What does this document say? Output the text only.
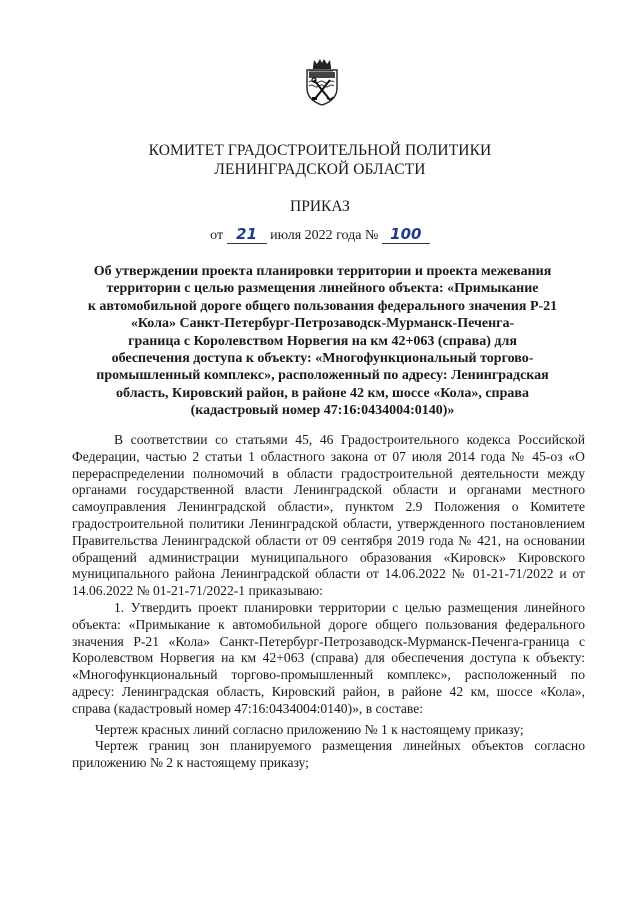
КОМИТЕТ ГРАДОСТРОИТЕЛЬНОЙ ПОЛИТИКИ
ЛЕНИНГРАДСКОЙ ОБЛАСТИ
ПРИКАЗ
от 21 июля 2022 года № 100
Об утверждении проекта планировки территории и проекта межевания
территории с целью размещения линейного объекта: «Примыкание
к автомобильной дороге общего пользования федерального значения Р-21
«Кола» Санкт-Петербург-Петрозаводск-Мурманск-Печенга-
граница с Королевством Норвегия на км 42+063 (справа) для
обеспечения доступа к объекту: «Многофункциональный торгово-
промышленный комплекс», расположенный по адресу: Ленинградская
область, Кировский район, в районе 42 км, шоссе «Кола», справа
(кадастровый номер 47:16:0434004:0140)»

В соответствии со статьями 45, 46 Градостроительного кодекса Российской Федерации, частью 2 статьи 1 областного закона от 07 июля 2014 года № 45-оз «О перераспределении полномочий в области градостроительной деятельности между органами государственной власти Ленинградской области и органами местного самоуправления Ленинградской области», пунктом 2.9 Положения о Комитете градостроительной политики Ленинградской области, утвержденного постановлением Правительства Ленинградской области от 09 сентября 2019 года № 421, на основании обращений администрации муниципального образования «Кировск» Кировского муниципального района Ленинградской области от 14.06.2022 № 01-21-71/2022 и от 14.06.2022 № 01-21-71/2022-1 приказываю:

1. Утвердить проект планировки территории с целью размещения линейного объекта: «Примыкание к автомобильной дороге общего пользования федерального значения Р-21 «Кола» Санкт-Петербург-Петрозаводск-Мурманск-Печенга-граница с Королевством Норвегия на км 42+063 (справа) для обеспечения доступа к объекту: «Многофункциональный торгово-промышленный комплекс», расположенный по адресу: Ленинградская область, Кировский район, в районе 42 км, шоссе «Кола», справа (кадастровый номер 47:16:0434004:0140)», в составе:

Чертеж красных линий согласно приложению № 1 к настоящему приказу;

Чертеж границ зон планируемого размещения линейных объектов согласно приложению № 2 к настоящему приказу;
